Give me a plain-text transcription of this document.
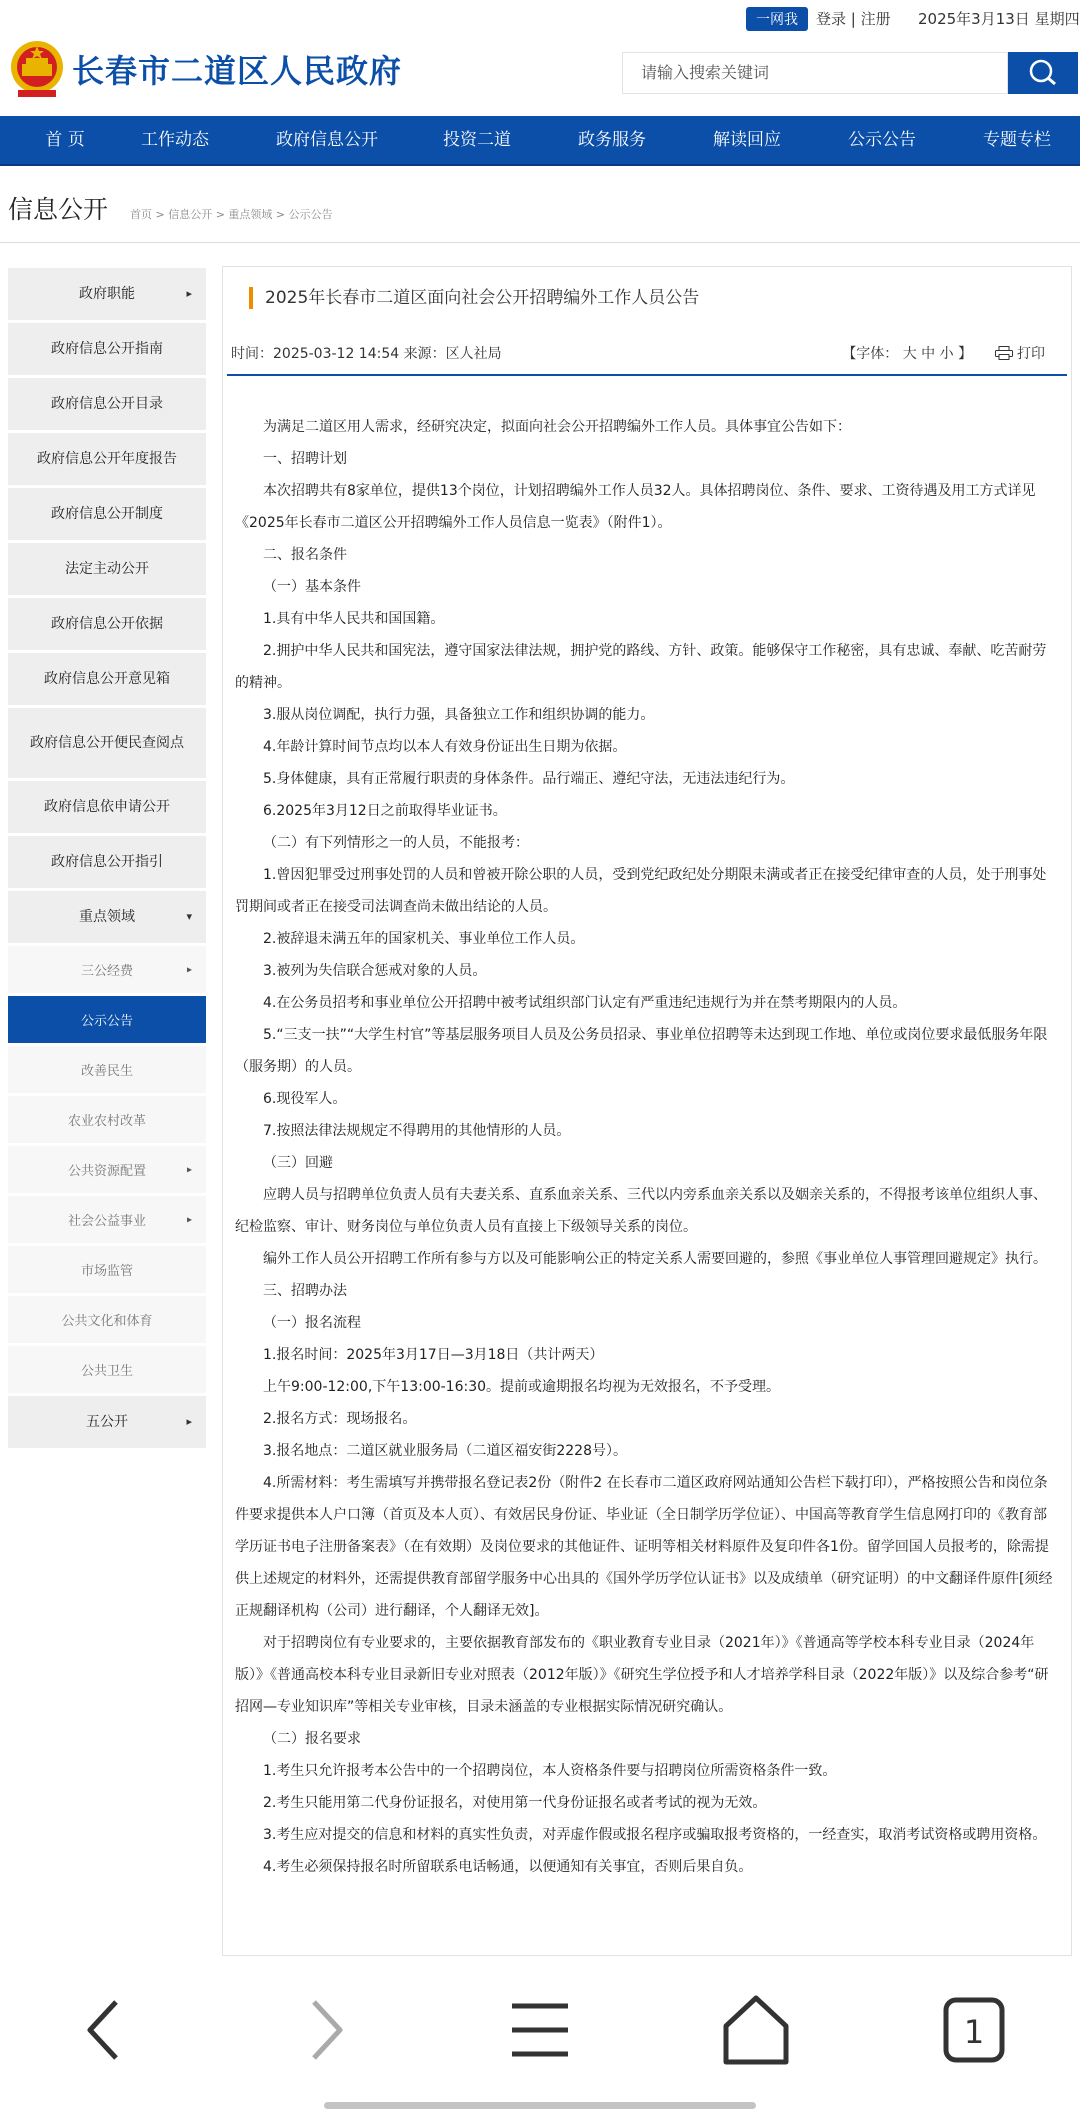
一网我	登录 | 注册 2025年3月13日 星期四
长春市二道区人民政府	请输入搜索关键词
首 页	工作动态	政府信息公开	投资二道	政务服务	解读回应	公示公告	专题专栏
信息公开 首页 > 信息公开 > 重点领域 > 公示公告
政府职能	▸
政府信息公开指南
政府信息公开目录
政府信息公开年度报告
政府信息公开制度
法定主动公开
政府信息公开依据
政府信息公开意见箱
政府信息公开便民查阅点
政府信息依申请公开
政府信息公开指引
重点领域	▾
三公经费	▸
公示公告
改善民生
农业农村改革
公共资源配置	▸
社会公益事业	▸
市场监管
公共文化和体育
公共卫生
五公开	▸
2025年长春市二道区面向社会公开招聘编外工作人员公告
时间：2025-03-12 14:54 来源：区人社局	【字体： 大 中 小 】	打印

为满足二道区用人需求，经研究决定，拟面向社会公开招聘编外工作人员。具体事宜公告如下：

一、招聘计划

本次招聘共有8家单位，提供13个岗位，计划招聘编外工作人员32人。具体招聘岗位、条件、要求、工资待遇及用工方式详见《2025年长春市二道区公开招聘编外工作人员信息一览表》（附件1）。

二、报名条件

（一）基本条件

1.具有中华人民共和国国籍。

2.拥护中华人民共和国宪法，遵守国家法律法规，拥护党的路线、方针、政策。能够保守工作秘密，具有忠诚、奉献、吃苦耐劳的精神。

3.服从岗位调配，执行力强，具备独立工作和组织协调的能力。

4.年龄计算时间节点均以本人有效身份证出生日期为依据。

5.身体健康，具有正常履行职责的身体条件。品行端正、遵纪守法，无违法违纪行为。

6.2025年3月12日之前取得毕业证书。

（二）有下列情形之一的人员，不能报考：

1.曾因犯罪受过刑事处罚的人员和曾被开除公职的人员，受到党纪政纪处分期限未满或者正在接受纪律审查的人员，处于刑事处罚期间或者正在接受司法调查尚未做出结论的人员。

2.被辞退未满五年的国家机关、事业单位工作人员。

3.被列为失信联合惩戒对象的人员。

4.在公务员招考和事业单位公开招聘中被考试组织部门认定有严重违纪违规行为并在禁考期限内的人员。

5.“三支一扶”“大学生村官”等基层服务项目人员及公务员招录、事业单位招聘等未达到现工作地、单位或岗位要求最低服务年限（服务期）的人员。

6.现役军人。

7.按照法律法规规定不得聘用的其他情形的人员。

（三）回避

应聘人员与招聘单位负责人员有夫妻关系、直系血亲关系、三代以内旁系血亲关系以及姻亲关系的，不得报考该单位组织人事、纪检监察、审计、财务岗位与单位负责人员有直接上下级领导关系的岗位。

编外工作人员公开招聘工作所有参与方以及可能影响公正的特定关系人需要回避的，参照《事业单位人事管理回避规定》执行。

三、招聘办法

（一）报名流程

1.报名时间：2025年3月17日—3月18日（共计两天）

上午9:00-12:00,下午13:00-16:30。提前或逾期报名均视为无效报名，不予受理。

2.报名方式：现场报名。

3.报名地点：二道区就业服务局（二道区福安街2228号）。

4.所需材料：考生需填写并携带报名登记表2份（附件2 在长春市二道区政府网站通知公告栏下载打印），严格按照公告和岗位条件要求提供本人户口簿（首页及本人页）、有效居民身份证、毕业证（全日制学历学位证）、中国高等教育学生信息网打印的《教育部学历证书电子注册备案表》（在有效期）及岗位要求的其他证件、证明等相关材料原件及复印件各1份。留学回国人员报考的，除需提供上述规定的材料外，还需提供教育部留学服务中心出具的《国外学历学位认证书》以及成绩单（研究证明）的中文翻译件原件[须经正规翻译机构（公司）进行翻译，个人翻译无效]。

对于招聘岗位有专业要求的，主要依据教育部发布的《职业教育专业目录（2021年）》《普通高等学校本科专业目录（2024年版）》《普通高校本科专业目录新旧专业对照表（2012年版）》《研究生学位授予和人才培养学科目录（2022年版）》以及综合参考“研招网—专业知识库”等相关专业审核，目录未涵盖的专业根据实际情况研究确认。

（二）报名要求

1.考生只允许报考本公告中的一个招聘岗位，本人资格条件要与招聘岗位所需资格条件一致。

2.考生只能用第二代身份证报名，对使用第一代身份证报名或者考试的视为无效。

3.考生应对提交的信息和材料的真实性负责，对弄虚作假或报名程序或骗取报考资格的，一经查实，取消考试资格或聘用资格。

4.考生必须保持报名时所留联系电话畅通，以便通知有关事宜，否则后果自负。

1
